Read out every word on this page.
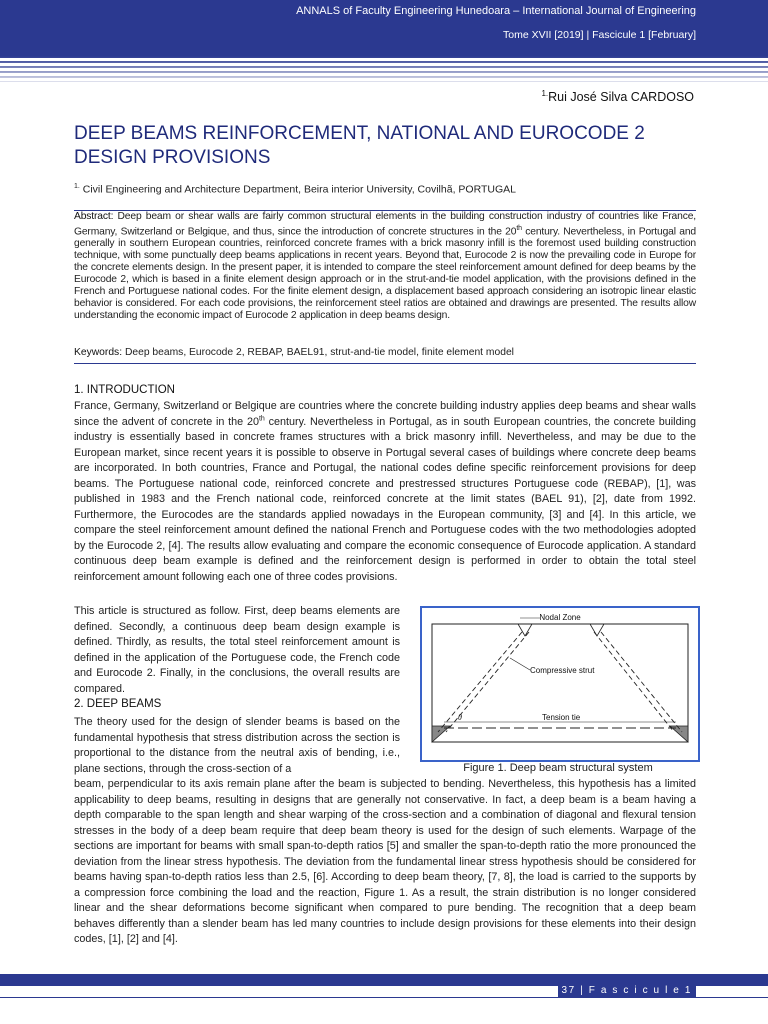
ANNALS of Faculty Engineering Hunedoara – International Journal of Engineering
Tome XVII [2019] | Fascicule 1 [February]
$^{1.}$Rui José Silva CARDOSO
DEEP BEAMS REINFORCEMENT, NATIONAL AND EUROCODE 2 DESIGN PROVISIONS
$^{1.}$ Civil Engineering and Architecture Department, Beira interior University, Covilhã, PORTUGAL
Abstract: Deep beam or shear walls are fairly common structural elements in the building construction industry of countries like France, Germany, Switzerland or Belgique, and thus, since the introduction of concrete structures in the 20th century. Nevertheless, in Portugal and generally in southern European countries, reinforced concrete frames with a brick masonry infill is the foremost used building construction technique, with some punctually deep beams applications in recent years. Beyond that, Eurocode 2 is now the prevailing code in Europe for the concrete elements design. In the present paper, it is intended to compare the steel reinforcement amount defined for deep beams by the Eurocode 2, which is based in a finite element design approach or in the strut-and-tie model application, with the provisions defined in the French and Portuguese national codes. For the finite element design, a displacement based approach considering an isotropic linear elastic behavior is considered. For each code provisions, the reinforcement steel ratios are obtained and drawings are presented. The results allow understanding the economic impact of Eurocode 2 application in deep beams design.
Keywords: Deep beams, Eurocode 2, REBAP, BAEL91, strut-and-tie model, finite element model
1. INTRODUCTION
France, Germany, Switzerland or Belgique are countries where the concrete building industry applies deep beams and shear walls since the advent of concrete in the 20th century. Nevertheless in Portugal, as in south European countries, the concrete building industry is essentially based in concrete frames structures with a brick masonry infill. Nevertheless, and may be due to the European market, since recent years it is possible to observe in Portugal several cases of buildings where concrete deep beams are incorporated. In both countries, France and Portugal, the national codes define specific reinforcement provisions for deep beams. The Portuguese national code, reinforced concrete and prestressed structures Portuguese code (REBAP), [1], was published in 1983 and the French national code, reinforced concrete at the limit states (BAEL 91), [2], date from 1992. Furthermore, the Eurocodes are the standards applied nowadays in the European community, [3] and [4]. In this article, we compare the steel reinforcement amount defined the national French and Portuguese codes with the two methodologies adopted by the Eurocode 2, [4]. The results allow evaluating and compare the economic consequence of Eurocode application. A standard continuous deep beam example is defined and the reinforcement design is performed in order to obtain the total steel reinforcement amount following each one of three codes provisions.
This article is structured as follow. First, deep beams elements are defined. Secondly, a continuous deep beam design example is defined. Thirdly, as results, the total steel reinforcement amount is defined in the application of the Portuguese code, the French code and Eurocode 2. Finally, in the conclusions, the overall results are compared.
2. DEEP BEAMS
The theory used for the design of slender beams is based on the fundamental hypothesis that stress distribution across the section is proportional to the distance from the neutral axis of bending, i.e., plane sections, through the cross-section of a
beam, perpendicular to its axis remain plane after the beam is subjected to bending. Nevertheless, this hypothesis has a limited applicability to deep beams, resulting in designs that are generally not conservative. In fact, a deep beam is a beam having a depth comparable to the span length and shear warping of the cross-section and a combination of diagonal and flexural tension stresses in the body of a deep beam require that deep beam theory is used for the design of such elements. Warpage of the sections are important for beams with small span-to-depth ratios [5] and smaller the span-to-depth ratio the more pronounced the deviation from the linear stress hypothesis. The deviation from the fundamental linear stress hypothesis should be considered for beams having span-to-depth ratios less than 2.5, [6]. According to deep beam theory, [7, 8], the load is carried to the supports by a compression force combining the load and the reaction, Figure 1. As a result, the strain distribution is no longer considered linear and the shear deformations become significant when compared to pure bending. The recognition that a deep beam behaves differently than a slender beam has led many countries to include design provisions for these elements into their design codes, [1], [2] and [4].
Nodal Zone
Compressive strut
Tension tie
θ
Figure 1. Deep beam structural system
37 | F a s c i c u l e 1
